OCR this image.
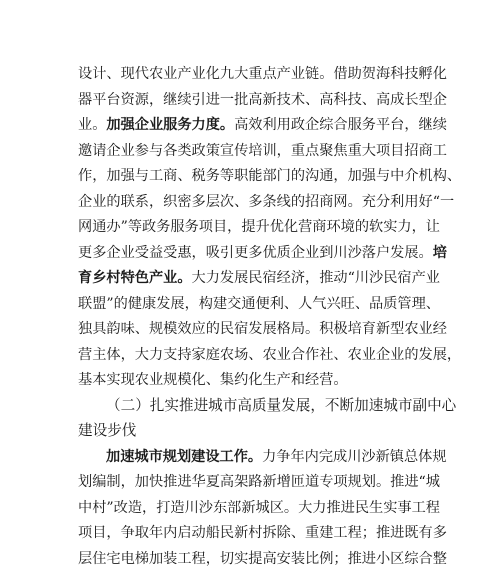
设计、现代农业产业化九大重点产业链。借助贺海科技孵化
器平台资源，继续引进一批高新技术、高科技、高成长型企
业。加强企业服务力度。高效利用政企综合服务平台，继续
邀请企业参与各类政策宣传培训，重点聚焦重大项目招商工
作，加强与工商、税务等职能部门的沟通，加强与中介机构、
企业的联系，织密多层次、多条线的招商网。充分利用好“一
网通办”等政务服务项目，提升优化营商环境的软实力，让
更多企业受益受惠，吸引更多优质企业到川沙落户发展。培
育乡村特色产业。大力发展民宿经济，推动“川沙民宿产业
联盟”的健康发展，构建交通便利、人气兴旺、品质管理、
独具韵味、规模效应的民宿发展格局。积极培育新型农业经
营主体，大力支持家庭农场、农业合作社、农业企业的发展，
基本实现农业规模化、集约化生产和经营。
（二）扎实推进城市高质量发展，不断加速城市副中心
建设步伐
加速城市规划建设工作。力争年内完成川沙新镇总体规
划编制，加快推进华夏高架路新增匝道专项规划。推进“城
中村”改造，打造川沙东部新城区。大力推进民生实事工程
项目，争取年内启动船民新村拆除、重建工程；推进既有多
层住宅电梯加装工程，切实提高安装比例；推进小区综合整
